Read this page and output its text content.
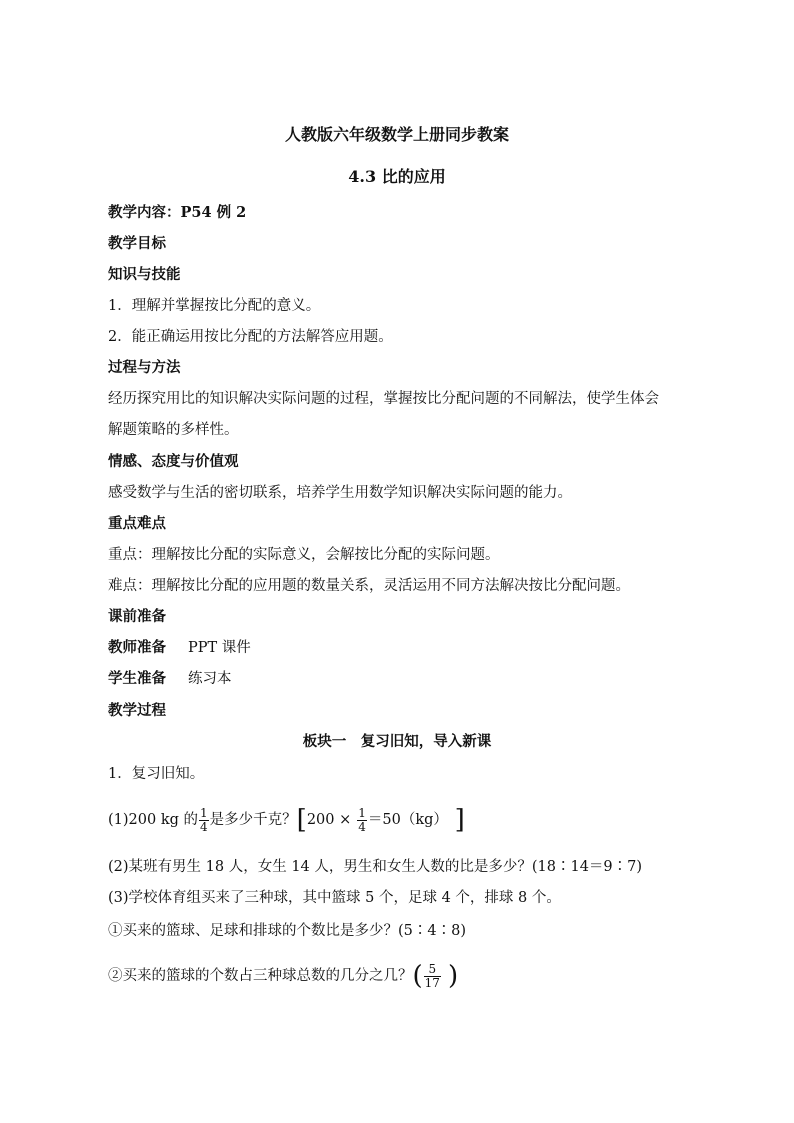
人教版六年级数学上册同步教案
4.3 比的应用
教学内容：P54 例 2
教学目标
知识与技能
1．理解并掌握按比分配的意义。
2．能正确运用按比分配的方法解答应用题。
过程与方法
经历探究用比的知识解决实际问题的过程，掌握按比分配问题的不同解法，使学生体会
解题策略的多样性。
情感、态度与价值观
感受数学与生活的密切联系，培养学生用数学知识解决实际问题的能力。
重点难点
重点：理解按比分配的实际意义，会解按比分配的实际问题。
难点：理解按比分配的应用题的数量关系，灵活运用不同方法解决按比分配问题。
课前准备
教师准备 PPT 课件
学生准备 练习本
教学过程
板块一　复习旧知，导入新课
1．复习旧知。
(1)200 kg 的 $\frac{1}{4}$ 是多少千克？[$200 \times \frac{1}{4} =50(kg)$ ]
(2)某班有男生 18 人，女生 14 人，男生和女生人数的比是多少？(18∶14＝9∶7)
(3)学校体育组买来了三种球，其中篮球 5 个，足球 4 个，排球 8 个。
①买来的篮球、足球和排球的个数比是多少？(5∶4∶8)
②买来的篮球的个数占三种球总数的几分之几？( $\frac{5}{17}$ )
